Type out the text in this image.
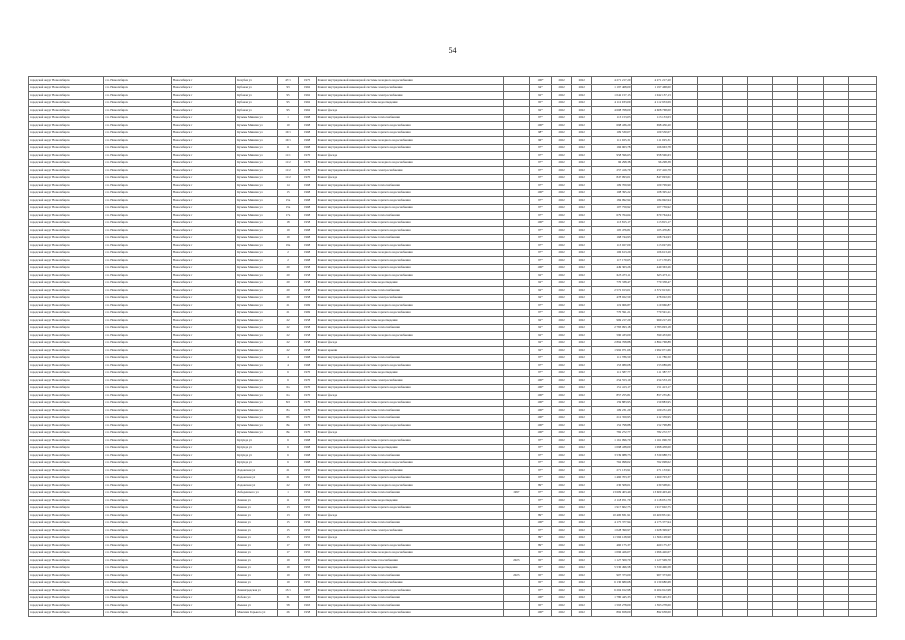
54
городской округ Новосибирск	г.п. Новосибирск	Новосибирск г	Кочубея ул	47/1	1975	Ремонт внутридомовой инженерной системы холодного водоснабжения		100*	2022	2022	4 271 217,20	4 271 217,20								
городской округ Новосибирск	г.п. Новосибирск	Новосибирск г	Кубовая ул	93	1962	Ремонт внутридомовой инженерной системы электроснабжения		94*	2022	2022	1 197 468,00	1 197 468,00								
городской округ Новосибирск	г.п. Новосибирск	Новосибирск г	Кубовая ул	95	1962	Ремонт внутридомовой инженерной системы электроснабжения		92*	2022	2022	1 042 157,13	1 042 157,13								
городской округ Новосибирск	г.п. Новосибирск	Новосибирск г	Кубовая ул	95	1962	Ремонт внутридомовой инженерной системы водоотведения		95*	2022	2022	4 112 933,09	4 112 933,09								
городской округ Новосибирск	г.п. Новосибирск	Новосибирск г	Кубовая ул	95	1962	Ремонт фасада		92*	2022	2022	4 608 768,00	4 608 768,00								
городской округ Новосибирск	г.п. Новосибирск	Новосибирск г	Кузьмы Минина ул	1	1968	Ремонт внутридомовой инженерной системы теплоснабжения		97*	2022	2022	113 153,03	113 153,03								
городской округ Новосибирск	г.п. Новосибирск	Новосибирск г	Кузьмы Минина ул	10	1968	Ремонт внутридомовой инженерной системы горячего водоснабжения		100*	2022	2022	698 436,20	698 436,20								
городской округ Новосибирск	г.п. Новосибирск	Новосибирск г	Кузьмы Минина ул	10/1	1968	Ремонт внутридомовой инженерной системы горячего водоснабжения		98*	2022	2022	109 530,07	109 530,07								
городской округ Новосибирск	г.п. Новосибирск	Новосибирск г	Кузьмы Минина ул	10/1	1968	Ремонт внутридомовой инженерной системы холодного водоснабжения		96*	2022	2022	111 025,31	111 025,31								
городской округ Новосибирск	г.п. Новосибирск	Новосибирск г	Кузьмы Минина ул	11	1968	Ремонт внутридомовой инженерной системы горячего водоснабжения		97*	2022	2022	166 963,78	166 963,78								
городской округ Новосибирск	г.п. Новосибирск	Новосибирск г	Кузьмы Минина ул	11/1	1970	Ремонт фасада		97*	2022	2022	958 596,63	958 596,63								
городской округ Новосибирск	г.п. Новосибирск	Новосибирск г	Кузьмы Минина ул	11/2	1970	Ремонт внутридомовой инженерной системы холодного водоснабжения		97*	2022	2022	96 298,38	96 298,38								
городской округ Новосибирск	г.п. Новосибирск	Новосибирск г	Кузьмы Минина ул	11/2	1970	Ремонт внутридомовой инженерной системы электроснабжения		97*	2022	2022	257 416,79	257 416,79								
городской округ Новосибирск	г.п. Новосибирск	Новосибирск г	Кузьмы Минина ул	11/2	1970	Ремонт фасада		97*	2022	2022	847 093,01	847 093,01								
городской округ Новосибирск	г.п. Новосибирск	Новосибирск г	Кузьмы Минина ул	14	1968	Ремонт внутридомовой инженерной системы теплоснабжения		97*	2022	2022	109 709,90	109 709,90								
городской округ Новосибирск	г.п. Новосибирск	Новосибирск г	Кузьмы Минина ул	15	1968	Ремонт внутридомовой инженерной системы горячего водоснабжения		100*	2022	2022	108 395,22	108 395,22								
городской округ Новосибирск	г.п. Новосибирск	Новосибирск г	Кузьмы Минина ул	15а	1968	Ремонт внутридомовой инженерной системы горячего водоснабжения		97*	2022	2022	184 992,94	184 992,94								
городской округ Новосибирск	г.п. Новосибирск	Новосибирск г	Кузьмы Минина ул	15а	1968	Ремонт внутридомовой инженерной системы холодного водоснабжения		97*	2022	2022	107 759,92	107 759,92								
городской округ Новосибирск	г.п. Новосибирск	Новосибирск г	Кузьмы Минина ул	17а	1968	Ремонт внутридомовой инженерной системы теплоснабжения		97*	2022	2022	679 764,64	679 764,64								
городской округ Новосибирск	г.п. Новосибирск	Новосибирск г	Кузьмы Минина ул	18	1958	Ремонт внутридомовой инженерной системы горячего водоснабжения		100*	2022	2022	113 815,17	113 815,17								
городской округ Новосибирск	г.п. Новосибирск	Новосибирск г	Кузьмы Минина ул	19	1968	Ремонт внутридомовой инженерной системы горячего водоснабжения		97*	2022	2022	105 476,81	105 476,81								
городской округ Новосибирск	г.п. Новосибирск	Новосибирск г	Кузьмы Минина ул	19	1968	Ремонт внутридомовой инженерной системы теплоснабжения		97*	2022	2022	168 744,93	168 744,93								
городской округ Новосибирск	г.п. Новосибирск	Новосибирск г	Кузьмы Минина ул	19а	1968	Ремонт внутридомовой инженерной системы горячего водоснабжения		97*	2022	2022	113 027,09	113 027,09								
городской округ Новосибирск	г.п. Новосибирск	Новосибирск г	Кузьмы Минина ул	2	1968	Ремонт внутридомовой инженерной системы холодного водоснабжения		97*	2022	2022	106 613,20	106 613,20								
городской округ Новосибирск	г.п. Новосибирск	Новосибирск г	Кузьмы Минина ул	2	1968	Ремонт внутридомовой инженерной системы горячего водоснабжения		97*	2022	2022	117 170,65	117 170,65								
городской округ Новосибирск	г.п. Новосибирск	Новосибирск г	Кузьмы Минина ул	20	1958	Ремонт внутридомовой инженерной системы горячего водоснабжения		100*	2022	2022	449 363,26	449 363,26								
городской округ Новосибирск	г.п. Новосибирск	Новосибирск г	Кузьмы Минина ул	20	1958	Ремонт внутридомовой инженерной системы холодного водоснабжения		92*	2022	2022	625 473,11	625 473,11								
городской округ Новосибирск	г.п. Новосибирск	Новосибирск г	Кузьмы Минина ул	20	1958	Ремонт внутридомовой инженерной системы водоотведения		92*	2022	2022	770 338,47	770 338,47								
городской округ Новосибирск	г.п. Новосибирск	Новосибирск г	Кузьмы Минина ул	20	1958	Ремонт внутридомовой инженерной системы теплоснабжения		92*	2022	2022	2 572 913,01	2 572 913,01								
городской округ Новосибирск	г.п. Новосибирск	Новосибирск г	Кузьмы Минина ул	20	1958	Ремонт внутридомовой инженерной системы электроснабжения		92*	2022	2022	478 022,59	478 022,59								
городской округ Новосибирск	г.п. Новосибирск	Новосибирск г	Кузьмы Минина ул	21	1969	Ремонт внутридомовой инженерной системы холодного водоснабжения		97*	2022	2022	119 966,87	119 966,87								
городской округ Новосибирск	г.п. Новосибирск	Новосибирск г	Кузьмы Минина ул	21	1969	Ремонт внутридомовой инженерной системы горячего водоснабжения		97*	2022	2022	770 591,21	770 591,21								
городской округ Новосибирск	г.п. Новосибирск	Новосибирск г	Кузьмы Минина ул	22	1958	Ремонт внутридомовой инженерной системы водоотведения		92*	2022	2022	969 217,29	969 217,29								
городской округ Новосибирск	г.п. Новосибирск	Новосибирск г	Кузьмы Минина ул	22	1958	Ремонт внутридомовой инженерной системы теплоснабжения		92*	2022	2022	2 783 093,18	2 783 093,18								
городской округ Новосибирск	г.п. Новосибирск	Новосибирск г	Кузьмы Минина ул	22	1958	Ремонт внутридомовой инженерной системы холодного водоснабжения		92*	2022	2022	590 433,00	590 433,00								
городской округ Новосибирск	г.п. Новосибирск	Новосибирск г	Кузьмы Минина ул	22	1958	Ремонт фасада		92*	2022	2022	2 894 768,88	2 894 768,88								
городской округ Новосибирск	г.п. Новосибирск	Новосибирск г	Кузьмы Минина ул	22	1958	Ремонт крыши		92*	2022	2022	1 992 071,66	1 992 071,66								
городской округ Новосибирск	г.п. Новосибирск	Новосибирск г	Кузьмы Минина ул	4	1968	Ремонт внутридомовой инженерной системы теплоснабжения		97*	2022	2022	111 786,50	111 786,50								
городской округ Новосибирск	г.п. Новосибирск	Новосибирск г	Кузьмы Минина ул	4	1968	Ремонт внутридомовой инженерной системы горячего водоснабжения		97*	2022	2022	153 089,08	153 089,08								
городской округ Новосибирск	г.п. Новосибирск	Новосибирск г	Кузьмы Минина ул	6	1970	Ремонт внутридомовой инженерной системы водоотведения		97*	2022	2022	111 387,77	111 387,77								
городской округ Новосибирск	г.п. Новосибирск	Новосибирск г	Кузьмы Минина ул	6	1970	Ремонт внутридомовой инженерной системы электроснабжения		100*	2022	2022	254 553,19	254 553,19								
городской округ Новосибирск	г.п. Новосибирск	Новосибирск г	Кузьмы Минина ул	6а	1970	Ремонт внутридомовой инженерной системы горячего водоснабжения		100*	2022	2022	151 413,17	151 413,17								
городской округ Новосибирск	г.п. Новосибирск	Новосибирск г	Кузьмы Минина ул	6а	1970	Ремонт фасада		100*	2022	2022	857 255,81	857 255,81								
городской округ Новосибирск	г.п. Новосибирск	Новосибирск г	Кузьмы Минина ул	8/2	1970	Ремонт внутридомовой инженерной системы горячего водоснабжения		100*	2022	2022	159 883,95	159 883,95								
городской округ Новосибирск	г.п. Новосибирск	Новосибирск г	Кузьмы Минина ул	8а	1970	Ремонт внутридомовой инженерной системы теплоснабжения		100*	2022	2022	109 231,29	109 231,29								
городской округ Новосибирск	г.п. Новосибирск	Новосибирск г	Кузьмы Минина ул	8б	1970	Ремонт внутридомовой инженерной системы теплоснабжения		100*	2022	2022	212 359,95	212 359,95								
городской округ Новосибирск	г.п. Новосибирск	Новосибирск г	Кузьмы Минина ул	8в	1970	Ремонт внутридомовой инженерной системы горячего водоснабжения		100*	2022	2022	152 798,88	152 798,88								
городской округ Новосибирск	г.п. Новосибирск	Новосибирск г	Кузьмы Минина ул	8в	1970	Ремонт фасада		100*	2022	2022	782 272,77	782 272,77								
городской округ Новосибирск	г.п. Новосибирск	Новосибирск г	Кулунда ул	6	1968	Ремонт внутридомовой инженерной системы горячего водоснабжения		97*	2022	2022	1 161 096,70	1 161 096,70								
городской округ Новосибирск	г.п. Новосибирск	Новосибирск г	Кулунда ул	6	1968	Ремонт внутридомовой инженерной системы водоотведения		97*	2022	2022	1 098 438,00	1 098 438,00								
городской округ Новосибирск	г.п. Новосибирск	Новосибирск г	Кулунда ул	6	1968	Ремонт внутридомовой инженерной системы теплоснабжения		97*	2022	2022	3 539 988,73	3 539 988,73								
городской округ Новосибирск	г.п. Новосибирск	Новосибирск г	Кулунда ул	6	1968	Ремонт внутридомовой инженерной системы холодного водоснабжения		97*	2022	2022	762 098,02	762 098,02								
городской округ Новосибирск	г.п. Новосибирск	Новосибирск г	Ладожская ул	21	1955	Ремонт внутридомовой инженерной системы электроснабжения		97*	2022	2022	271 133,91	271 133,91								
городской округ Новосибирск	г.п. Новосибирск	Новосибирск г	Ладожская ул	21	1955	Ремонт внутридомовой инженерной системы горячего водоснабжения		97*	2022	2022	1 460 703,37	1 460 703,37								
городской округ Новосибирск	г.п. Новосибирск	Новосибирск г	Ладожская ул	22	1953	Ремонт внутридомовой инженерной системы холодного водоснабжения		89*	2022	2022	230 508,01	230 508,01								
городской округ Новосибирск	г.п. Новосибирск	Новосибирск г	Лебедевского ул	1	1956	Ремонт внутридомовой инженерной системы теплоснабжения	1997	97*	2022	2022	13 609 403,40	13 609 403,40								
городской округ Новосибирск	г.п. Новосибирск	Новосибирск г	Ленина ул	11	1955	Ремонт внутридомовой инженерной системы водоотведения		97*	2022	2022	2 118 051,79	2 118 051,79								
городской округ Новосибирск	г.п. Новосибирск	Новосибирск г	Ленина ул	13	1955	Ремонт внутридомовой инженерной системы горячего водоснабжения		97*	2022	2022	1 917 602,75	1 917 602,75								
городской округ Новосибирск	г.п. Новосибирск	Новосибирск г	Ленина ул	13	1955	Ремонт фасада		89*	2022	2022	10 400 831,91	10 400 831,91								
городской округ Новосибирск	г.п. Новосибирск	Новосибирск г	Ленина ул	15	1956	Ремонт внутридомовой инженерной системы теплоснабжения		100*	2022	2022	4 175 377,94	4 175 377,94								
городской округ Новосибирск	г.п. Новосибирск	Новосибирск г	Ленина ул	15	1955	Ремонт внутридомовой инженерной системы электроснабжения		97*	2022	2022	1 028 399,97	1 028 399,97								
городской округ Новосибирск	г.п. Новосибирск	Новосибирск г	Ленина ул	15	1955	Ремонт фасада		89*	2022	2022	11 566 128,90	11 566 128,90								
городской округ Новосибирск	г.п. Новосибирск	Новосибирск г	Ленина ул	17	1955	Ремонт внутридомовой инженерной системы горячего водоснабжения		89*	2022	2022	460 175,37	460 175,37								
городской округ Новосибирск	г.п. Новосибирск	Новосибирск г	Ленина ул	17	1955	Ремонт внутридомовой инженерной системы холодного водоснабжения		95*	2022	2022	1 096 426,07	1 096 426,07								
городской округ Новосибирск	г.п. Новосибирск	Новосибирск г	Ленина ул	19	1955	Ремонт внутридомовой инженерной системы газоснабжения	2023	95*	2022	2022	1 127 509,70	1 127 509,70								
городской округ Новосибирск	г.п. Новосибирск	Новосибирск г	Ленина ул	19	1955	Ремонт внутридомовой инженерной системы водоотведения		95*	2022	2022	5 530 496,58	5 530 496,58								
городской округ Новосибирск	г.п. Новосибирск	Новосибирск г	Ленина ул	19	1955	Ремонт внутридомовой инженерной системы теплоснабжения	2023	95*	2022	2022	907 373,00	907 373,00								
городской округ Новосибирск	г.п. Новосибирск	Новосибирск г	Ленина ул	19	1955	Ремонт внутридомовой инженерной системы электроснабжения		95*	2022	2022	6 130 680,68	6 130 680,68								
городской округ Новосибирск	г.п. Новосибирск	Новосибирск г	Ленинградская ул	13/1	1967	Ремонт внутридомовой инженерной системы горячего водоснабжения		97*	2022	2022	6 204 912,98	6 204 912,98								
городской округ Новосибирск	г.п. Новосибирск	Новосибирск г	Лобова ул	31	1963	Ремонт внутридомовой инженерной системы теплоснабжения		100*	2022	2022	1 780 445,33	1 780 445,33								
городской округ Новосибирск	г.п. Новосибирск	Новосибирск г	Лыкова ул	58	1963	Ремонт внутридомовой инженерной системы теплоснабжения		95*	2022	2022	1 593 278,00	1 593 278,00								
городской округ Новосибирск	г.п. Новосибирск	Новосибирск г	Максима Горького ул	26	1958	Ремонт внутридомовой инженерной системы горячего водоснабжения		100*	2022	2022	892 658,00	892 658,00								
